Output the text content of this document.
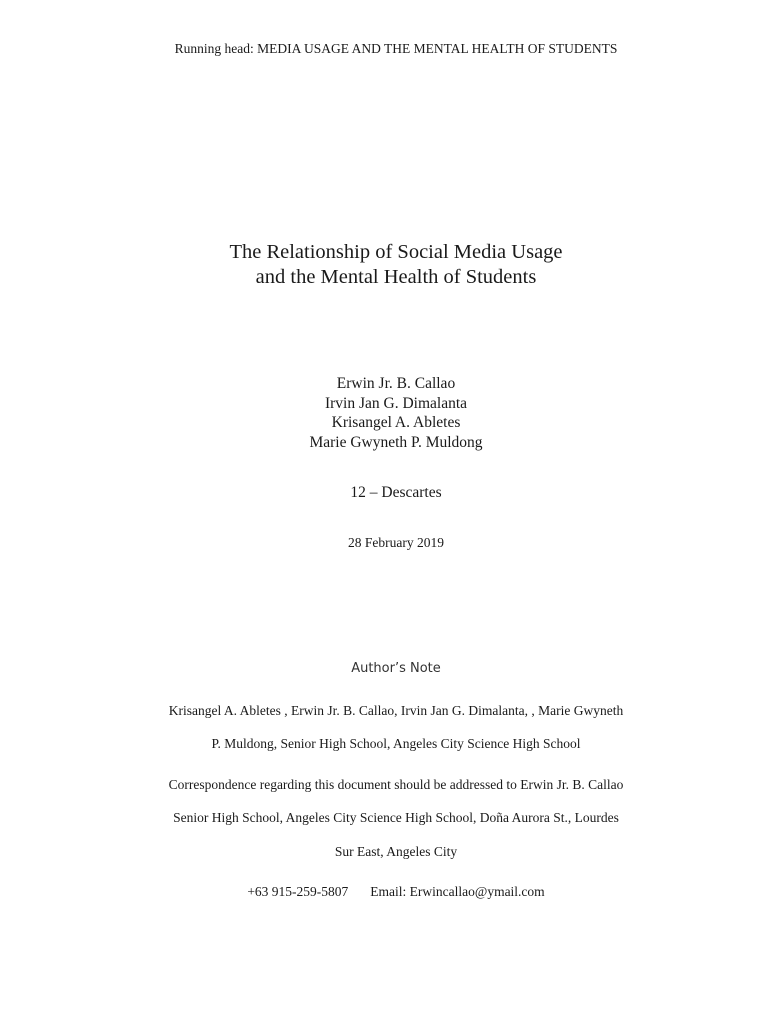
Running head: MEDIA USAGE AND THE MENTAL HEALTH OF STUDENTS

The Relationship of Social Media Usage
and the Mental Health of Students
Erwin Jr. B. Callao
Irvin Jan G. Dimalanta
Krisangel A. Abletes
Marie Gwyneth P. Muldong

12 – Descartes

28 February 2019

Author’s Note

Krisangel A. Abletes , Erwin Jr. B. Callao, Irvin Jan G. Dimalanta, , Marie Gwyneth

P. Muldong, Senior High School, Angeles City Science High School

Correspondence regarding this document should be addressed to Erwin Jr. B. Callao

Senior High School, Angeles City Science High School, Doña Aurora St., Lourdes

Sur East, Angeles City

+63 915-259-5807 Email: Erwincallao@ymail.com
